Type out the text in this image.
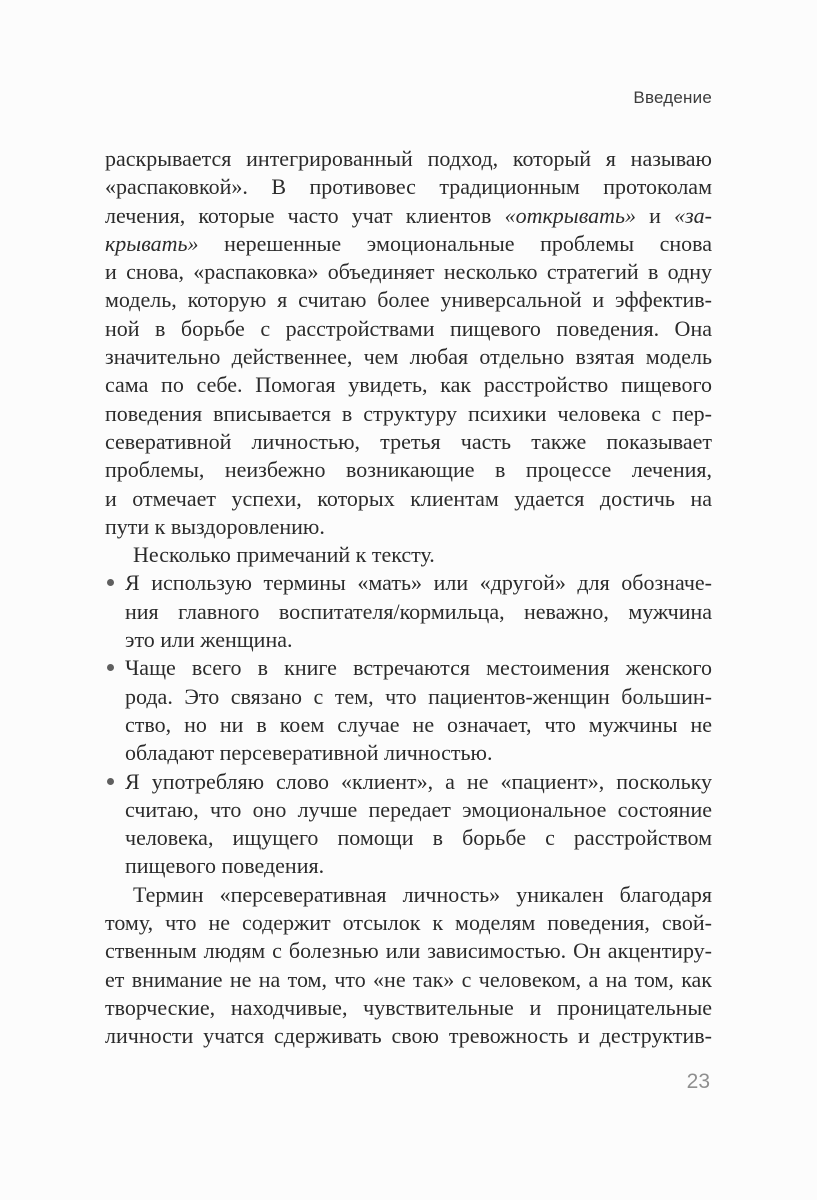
Введение
раскрывается интегрированный подход, который я называю
«распаковкой». В противовес традиционным протоколам
лечения, которые часто учат клиентов «открывать» и «за-
крывать» нерешенные эмоциональные проблемы снова
и снова, «распаковка» объединяет несколько стратегий в одну
модель, которую я считаю более универсальной и эффектив-
ной в борьбе с расстройствами пищевого поведения. Она
значительно действеннее, чем любая отдельно взятая модель
сама по себе. Помогая увидеть, как расстройство пищевого
поведения вписывается в структуру психики человека с пер-
северативной личностью, третья часть также показывает
проблемы, неизбежно возникающие в процессе лечения,
и отмечает успехи, которых клиентам удается достичь на
пути к выздоровлению.
Несколько примечаний к тексту.
Я использую термины «мать» или «другой» для обозначе-
ния главного воспитателя/кормильца, неважно, мужчина
это или женщина.
Чаще всего в книге встречаются местоимения женского
рода. Это связано с тем, что пациентов-женщин большин-
ство, но ни в коем случае не означает, что мужчины не
обладают персеверативной личностью.
Я употребляю слово «клиент», а не «пациент», поскольку
считаю, что оно лучше передает эмоциональное состояние
человека, ищущего помощи в борьбе с расстройством
пищевого поведения.
Термин «персеверативная личность» уникален благодаря
тому, что не содержит отсылок к моделям поведения, свой-
ственным людям с болезнью или зависимостью. Он акцентиру-
ет внимание не на том, что «не так» с человеком, а на том, как
творческие, находчивые, чувствительные и проницательные
личности учатся сдерживать свою тревожность и деструктив-
23
